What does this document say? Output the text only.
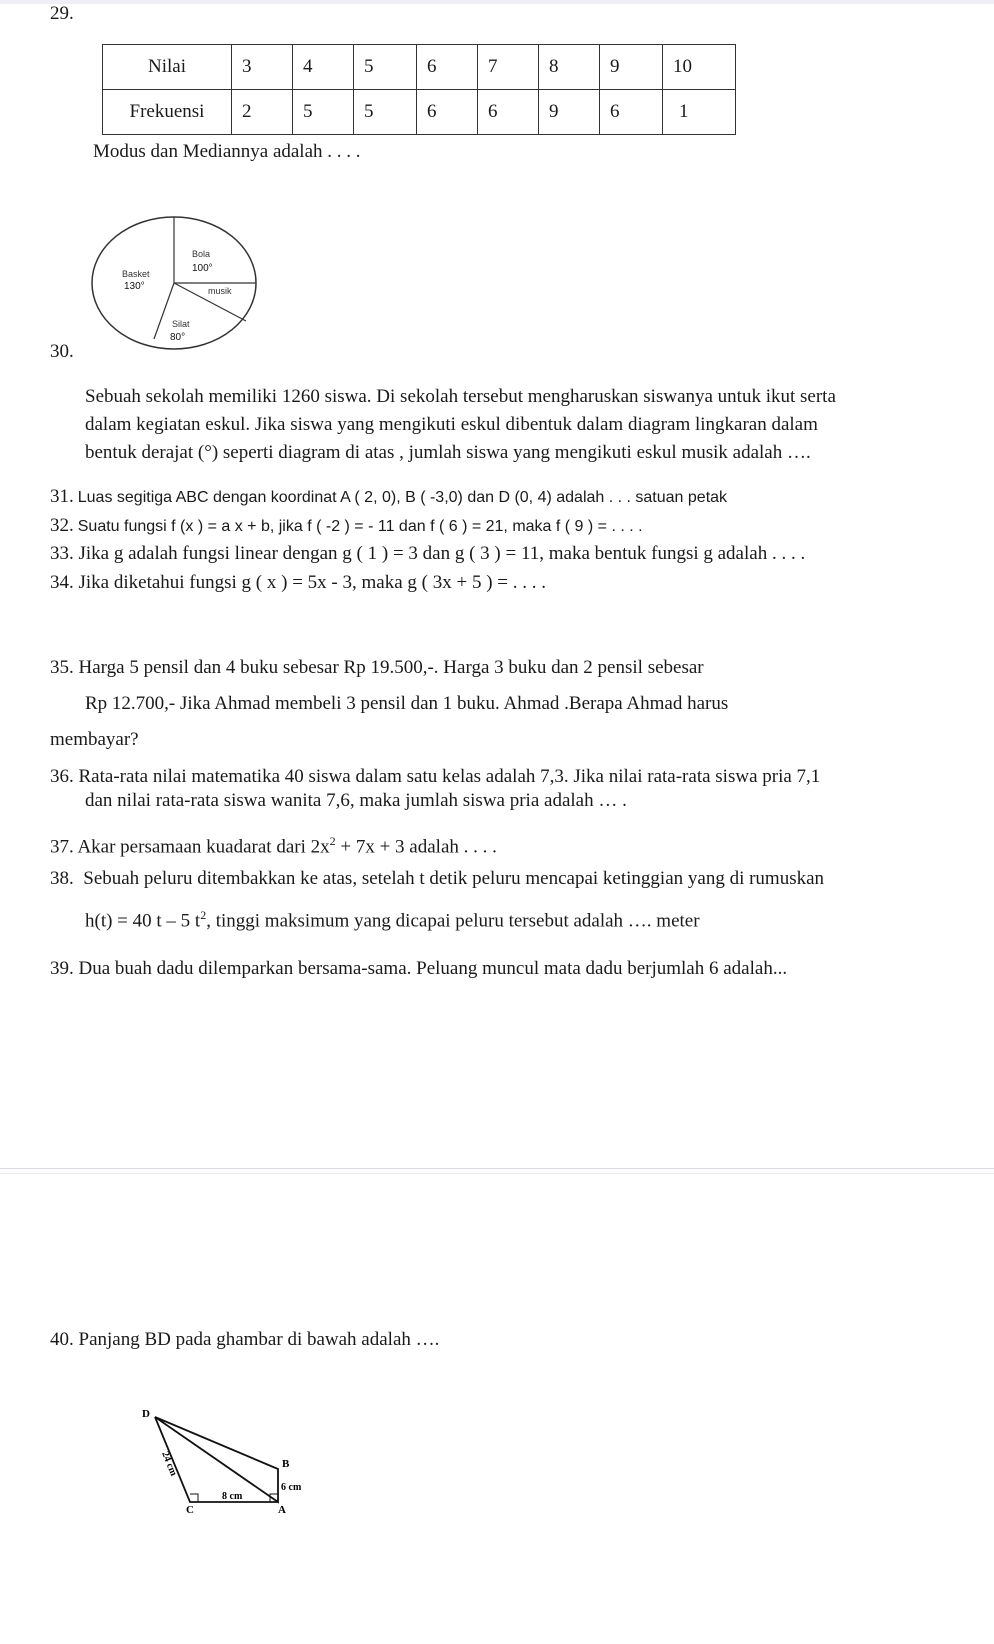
29.
Nilai	3	4	5	6	7	8	9	10
Frekuensi	2	5	5	6	6	9	6	1
Modus dan Mediannya adalah . . . .
Bola
100°
Basket
130°	musik
Silat
80°
30.
Sebuah sekolah memiliki 1260 siswa. Di sekolah tersebut mengharuskan siswanya untuk ikut serta
dalam kegiatan eskul. Jika siswa yang mengikuti eskul dibentuk dalam diagram lingkaran dalam
bentuk derajat (°) seperti diagram di atas , jumlah siswa yang mengikuti eskul musik adalah ….
31. Luas segitiga ABC dengan koordinat A ( 2, 0), B ( -3,0) dan D (0, 4) adalah . . . satuan petak
32. Suatu fungsi f (x ) = a x + b, jika f ( -2 ) = - 11 dan f ( 6 ) = 21, maka f ( 9 ) = . . . .
33. Jika g adalah fungsi linear dengan g ( 1 ) = 3 dan g ( 3 ) = 11, maka bentuk fungsi g adalah . . . .
34. Jika diketahui fungsi g ( x ) = 5x - 3, maka g ( 3x + 5 ) = . . . .
35. Harga 5 pensil dan 4 buku sebesar Rp 19.500,-. Harga 3 buku dan 2 pensil sebesar
Rp 12.700,- Jika Ahmad membeli 3 pensil dan 1 buku. Ahmad .Berapa Ahmad harus
membayar?
36. Rata-rata nilai matematika 40 siswa dalam satu kelas adalah 7,3. Jika nilai rata-rata siswa pria 7,1
dan nilai rata-rata siswa wanita 7,6, maka jumlah siswa pria adalah … .
37. Akar persamaan kuadarat dari $2x^2 + 7x + 3$ adalah . . . .
38. Sebuah peluru ditembakkan ke atas, setelah t detik peluru mencapai ketinggian yang di rumuskan
h(t) = 40 t – 5 $t^2$, tinggi maksimum yang dicapai peluru tersebut adalah …. meter
39. Dua buah dadu dilemparkan bersama-sama. Peluang muncul mata dadu berjumlah 6 adalah...
40. Panjang BD pada ghambar di bawah adalah ….
D
B
C	A
24 cm
8 cm
6 cm
